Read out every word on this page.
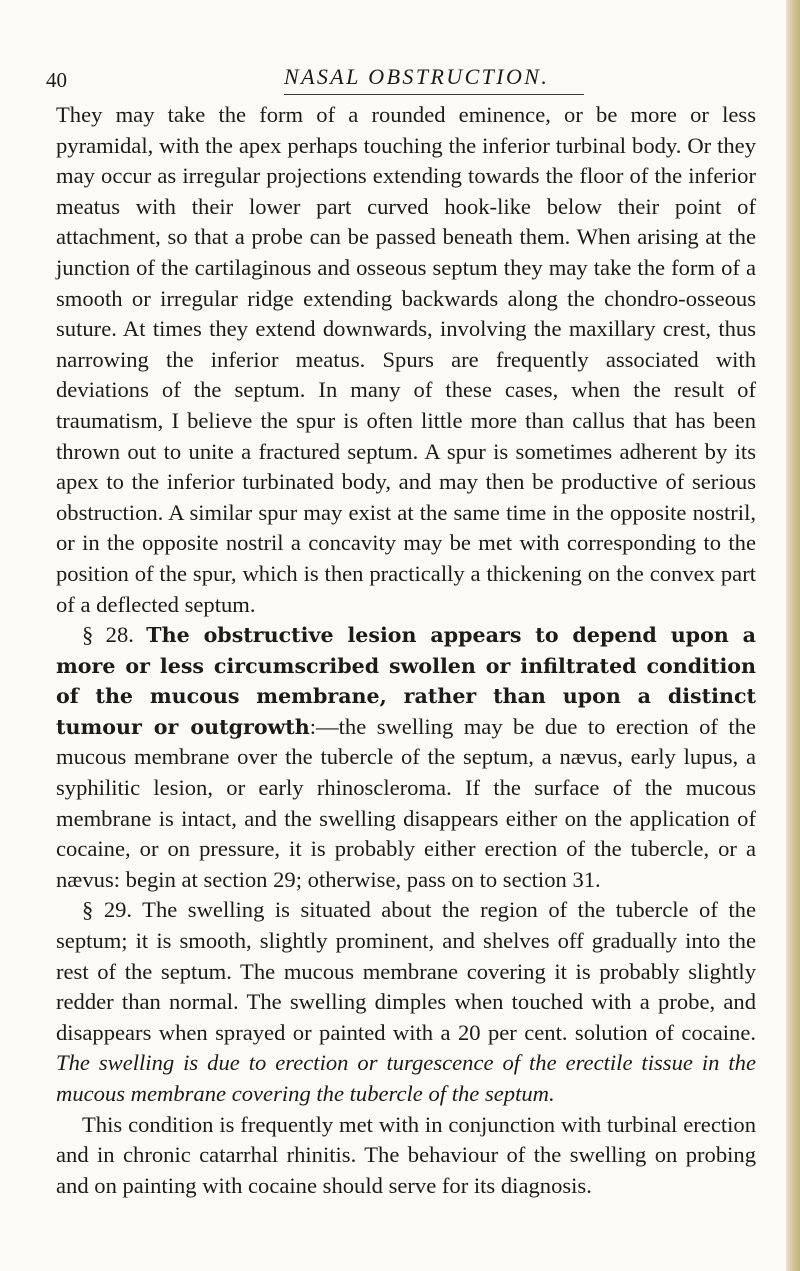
40	NASAL OBSTRUCTION.

They may take the form of a rounded eminence, or be more or less pyramidal, with the apex perhaps touching the inferior turbinal body. Or they may occur as irregular projections extending towards the floor of the inferior meatus with their lower part curved hook-like below their point of attachment, so that a probe can be passed beneath them. When arising at the junction of the cartilaginous and osseous septum they may take the form of a smooth or irregular ridge extending backwards along the chondro-osseous suture. At times they extend downwards, involving the maxillary crest, thus narrowing the inferior meatus. Spurs are frequently associated with deviations of the septum. In many of these cases, when the result of traumatism, I believe the spur is often little more than callus that has been thrown out to unite a fractured septum. A spur is sometimes adherent by its apex to the inferior turbinated body, and may then be productive of serious obstruction. A similar spur may exist at the same time in the opposite nostril, or in the opposite nostril a concavity may be met with corresponding to the position of the spur, which is then practically a thickening on the convex part of a deflected septum.

§ 28. The obstructive lesion appears to depend upon a more or less circumscribed swollen or infiltrated condition of the mucous membrane, rather than upon a distinct tumour or outgrowth:—the swelling may be due to erection of the mucous membrane over the tubercle of the septum, a nævus, early lupus, a syphilitic lesion, or early rhinoscleroma. If the surface of the mucous membrane is intact, and the swelling disappears either on the application of cocaine, or on pressure, it is probably either erection of the tubercle, or a nævus: begin at section 29; otherwise, pass on to section 31.

§ 29. The swelling is situated about the region of the tubercle of the septum; it is smooth, slightly prominent, and shelves off gradually into the rest of the septum. The mucous membrane covering it is probably slightly redder than normal. The swelling dimples when touched with a probe, and disappears when sprayed or painted with a 20 per cent. solution of cocaine. The swelling is due to erection or turgescence of the erectile tissue in the mucous membrane covering the tubercle of the septum.

This condition is frequently met with in conjunction with turbinal erection and in chronic catarrhal rhinitis. The behaviour of the swelling on probing and on painting with cocaine should serve for its diagnosis.
